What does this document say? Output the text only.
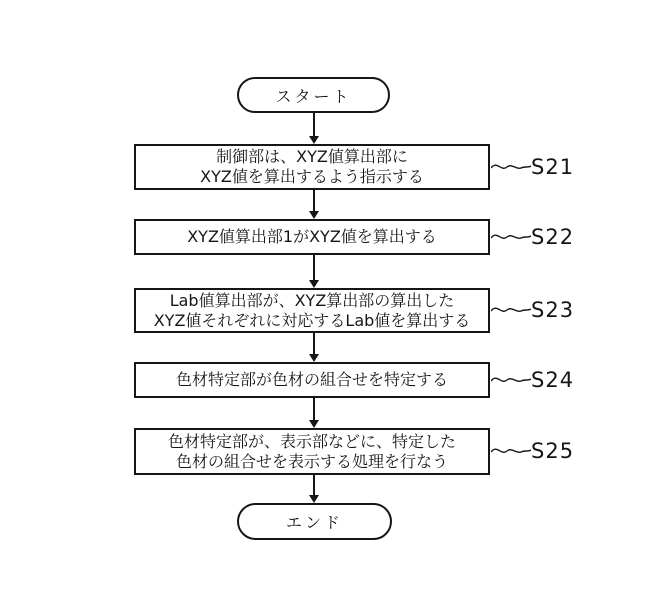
スタート
制御部は、XYZ値算出部に
XYZ値を算出するよう指示する	S21
XYZ値算出部1がXYZ値を算出する	S22
Lab値算出部が、XYZ算出部の算出した
XYZ値それぞれに対応するLab値を算出する	S23
色材特定部が色材の組合せを特定する	S24
色材特定部が、表示部などに、特定した
色材の組合せを表示する処理を行なう	S25
エンド
